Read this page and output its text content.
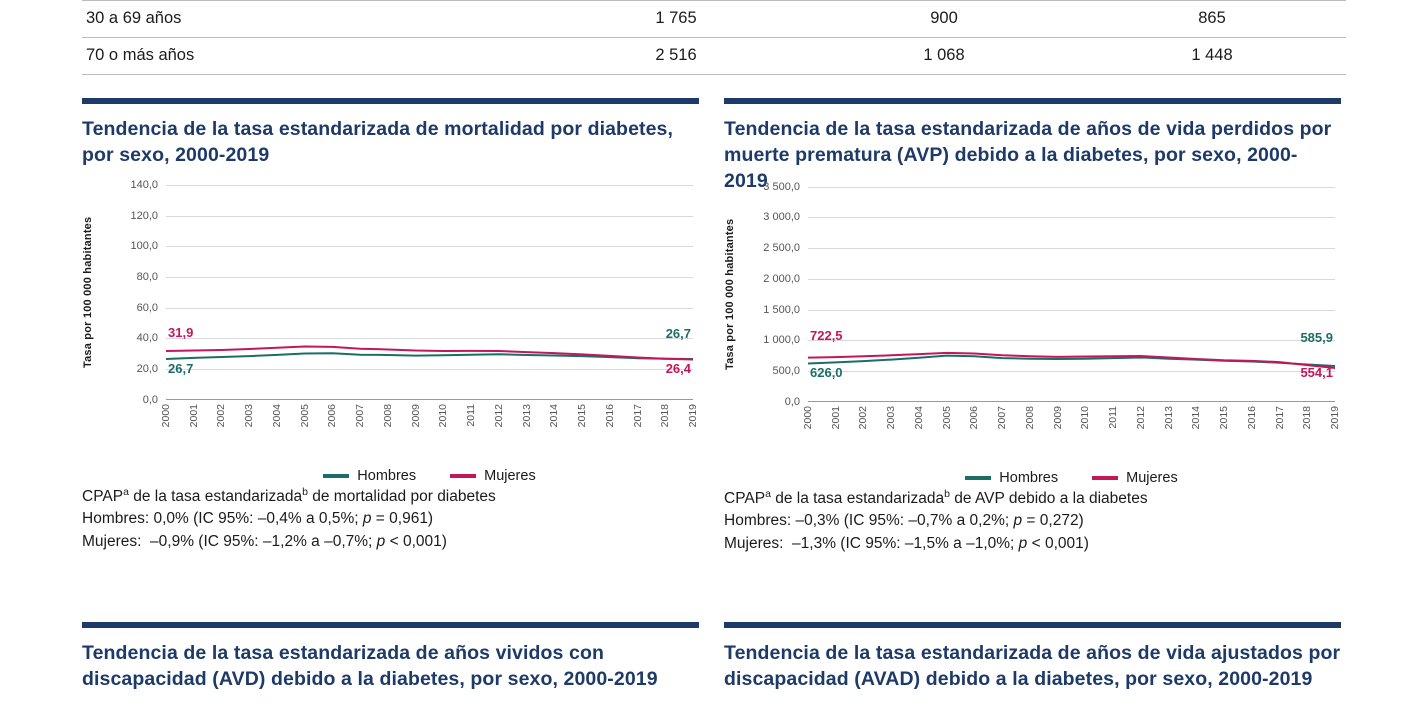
30 a 69 años	1 765	900	865
70 o más años	2 516	1 068	1 448
Tendencia de la tasa estandarizada de mortalidad por diabetes, por sexo, 2000-2019
Tasa por 100 000 habitantes
0,0
20,0
40,0
60,0
80,0
100,0
120,0
140,0
26,7
31,9	26,7
26,4
2000 2001 2002 2003 2004 2005 2006 2007 2008 2009 2010 2011 2012 2013 2014 2015 2016 2017 2018 2019
Hombres	Mujeres
CPAP$^a$ de la tasa estandarizada$^b$ de mortalidad por diabetes
Hombres: 0,0% (IC 95%: –0,4% a 0,5%; p = 0,961)
Mujeres:  –0,9% (IC 95%: –1,2% a –0,7%; p < 0,001)
Tendencia de la tasa estandarizada de años de vida perdidos por muerte prematura (AVP) debido a la diabetes, por sexo, 2000-2019
Tasa por 100 000 habitantes
0,0
500,0
1 000,0
1 500,0
2 000,0
2 500,0
3 000,0
3 500,0
626,0
722,5	585,9
554,1
2000 2001 2002 2003 2004 2005 2006 2007 2008 2009 2010 2011 2012 2013 2014 2015 2016 2017 2018 2019
Hombres	Mujeres
CPAP$^a$ de la tasa estandarizada$^b$ de AVP debido a la diabetes
Hombres: –0,3% (IC 95%: –0,7% a 0,2%; p = 0,272)
Mujeres:  –1,3% (IC 95%: –1,5% a –1,0%; p < 0,001)
Tendencia de la tasa estandarizada de años vividos con discapacidad (AVD) debido a la diabetes, por sexo, 2000-2019
Tendencia de la tasa estandarizada de años de vida ajustados por discapacidad (AVAD) debido a la diabetes, por sexo, 2000-2019
